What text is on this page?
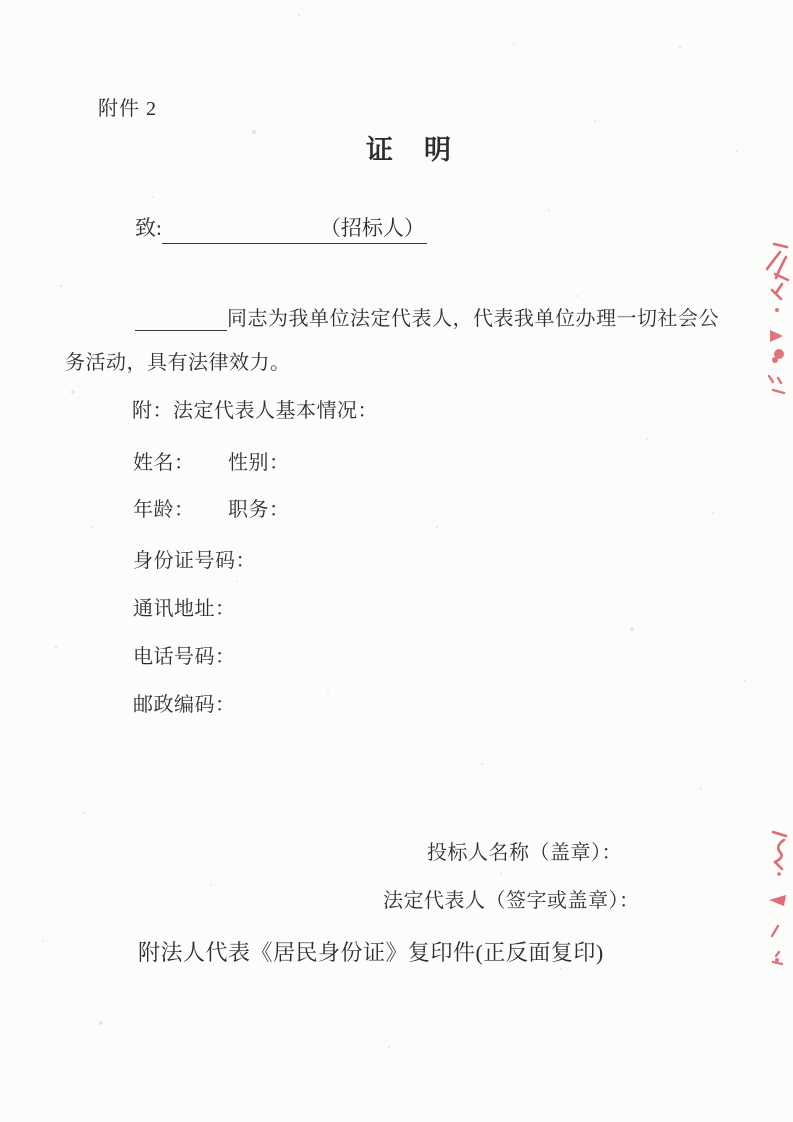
附件 2
证　明
致:	（招标人）
同志为我单位法定代表人，代表我单位办理一切社会公
务活动，具有法律效力。
附：法定代表人基本情况：
姓名： 性别：
年龄： 职务：
身份证号码：
通讯地址：
电话号码：
邮政编码：
投标人名称（盖章）：
法定代表人（签字或盖章）：
附法人代表《居民身份证》复印件(正反面复印)
